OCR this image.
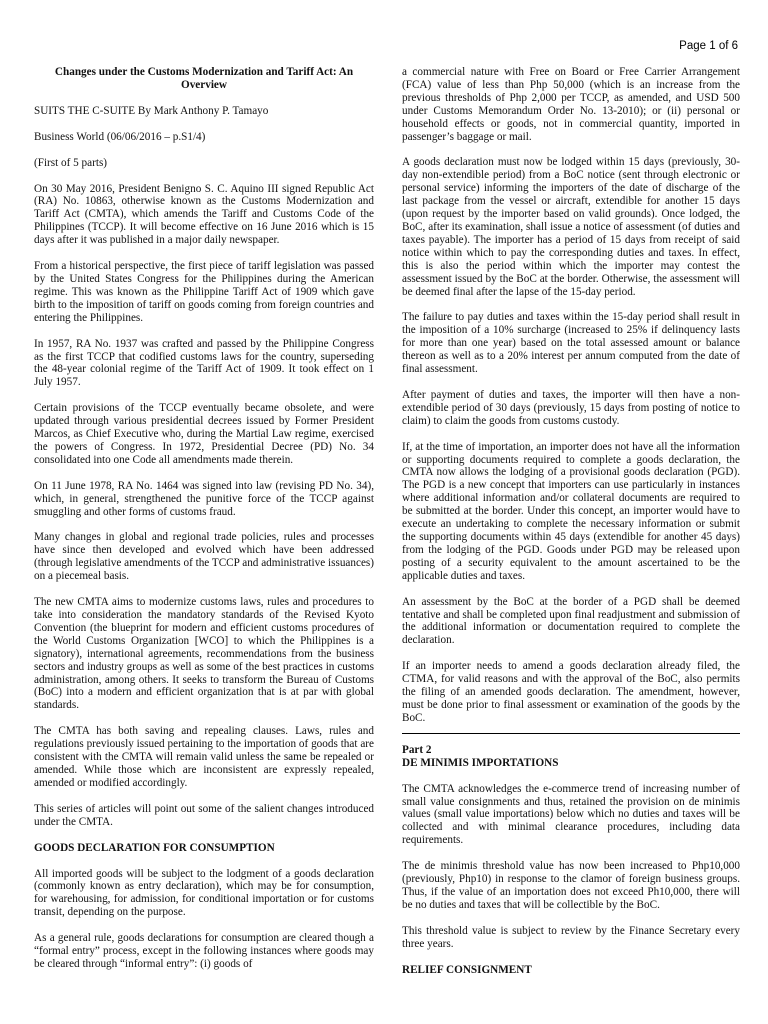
Page 1 of 6
Changes under the Customs Modernization and Tariff Act: An Overview

SUITS THE C-SUITE By Mark Anthony P. Tamayo

Business World (06/06/2016 – p.S1/4)

(First of 5 parts)

On 30 May 2016, President Benigno S. C. Aquino III signed Republic Act (RA) No. 10863, otherwise known as the Customs Modernization and Tariff Act (CMTA), which amends the Tariff and Customs Code of the Philippines (TCCP). It will become effective on 16 June 2016 which is 15 days after it was published in a major daily newspaper.

From a historical perspective, the first piece of tariff legislation was passed by the United States Congress for the Philippines during the American regime. This was known as the Philippine Tariff Act of 1909 which gave birth to the imposition of tariff on goods coming from foreign countries and entering the Philippines.

In 1957, RA No. 1937 was crafted and passed by the Philippine Congress as the first TCCP that codified customs laws for the country, superseding the 48-year colonial regime of the Tariff Act of 1909. It took effect on 1 July 1957.

Certain provisions of the TCCP eventually became obsolete, and were updated through various presidential decrees issued by Former President Marcos, as Chief Executive who, during the Martial Law regime, exercised the powers of Congress. In 1972, Presidential Decree (PD) No. 34 consolidated into one Code all amendments made therein.

On 11 June 1978, RA No. 1464 was signed into law (revising PD No. 34), which, in general, strengthened the punitive force of the TCCP against smuggling and other forms of customs fraud.

Many changes in global and regional trade policies, rules and processes have since then developed and evolved which have been addressed (through legislative amendments of the TCCP and administrative issuances) on a piecemeal basis.

The new CMTA aims to modernize customs laws, rules and procedures to take into consideration the mandatory standards of the Revised Kyoto Convention (the blueprint for modern and efficient customs procedures of the World Customs Organization [WCO] to which the Philippines is a signatory), international agreements, recommendations from the business sectors and industry groups as well as some of the best practices in customs administration, among others. It seeks to transform the Bureau of Customs (BoC) into a modern and efficient organization that is at par with global standards.

The CMTA has both saving and repealing clauses. Laws, rules and regulations previously issued pertaining to the importation of goods that are consistent with the CMTA will remain valid unless the same be repealed or amended. While those which are inconsistent are expressly repealed, amended or modified accordingly.

This series of articles will point out some of the salient changes introduced under the CMTA.

GOODS DECLARATION FOR CONSUMPTION

All imported goods will be subject to the lodgment of a goods declaration (commonly known as entry declaration), which may be for consumption, for warehousing, for admission, for conditional importation or for customs transit, depending on the purpose.

As a general rule, goods declarations for consumption are cleared though a “formal entry” process, except in the following instances where goods may be cleared through “informal entry”: (i) goods of

a commercial nature with Free on Board or Free Carrier Arrangement (FCA) value of less than Php 50,000 (which is an increase from the previous thresholds of Php 2,000 per TCCP, as amended, and USD 500 under Customs Memorandum Order No. 13-2010); or (ii) personal or household effects or goods, not in commercial quantity, imported in passenger’s baggage or mail.

A goods declaration must now be lodged within 15 days (previously, 30-day non-extendible period) from a BoC notice (sent through electronic or personal service) informing the importers of the date of discharge of the last package from the vessel or aircraft, extendible for another 15 days (upon request by the importer based on valid grounds). Once lodged, the BoC, after its examination, shall issue a notice of assessment (of duties and taxes payable). The importer has a period of 15 days from receipt of said notice within which to pay the corresponding duties and taxes. In effect, this is also the period within which the importer may contest the assessment issued by the BoC at the border. Otherwise, the assessment will be deemed final after the lapse of the 15-day period.

The failure to pay duties and taxes within the 15-day period shall result in the imposition of a 10% surcharge (increased to 25% if delinquency lasts for more than one year) based on the total assessed amount or balance thereon as well as to a 20% interest per annum computed from the date of final assessment.

After payment of duties and taxes, the importer will then have a non-extendible period of 30 days (previously, 15 days from posting of notice to claim) to claim the goods from customs custody.

If, at the time of importation, an importer does not have all the information or supporting documents required to complete a goods declaration, the CMTA now allows the lodging of a provisional goods declaration (PGD). The PGD is a new concept that importers can use particularly in instances where additional information and/or collateral documents are required to be submitted at the border. Under this concept, an importer would have to execute an undertaking to complete the necessary information or submit the supporting documents within 45 days (extendible for another 45 days) from the lodging of the PGD. Goods under PGD may be released upon posting of a security equivalent to the amount ascertained to be the applicable duties and taxes.

An assessment by the BoC at the border of a PGD shall be deemed tentative and shall be completed upon final readjustment and submission of the additional information or documentation required to complete the declaration.

If an importer needs to amend a goods declaration already filed, the CTMA, for valid reasons and with the approval of the BoC, also permits the filing of an amended goods declaration. The amendment, however, must be done prior to final assessment or examination of the goods by the BoC.

Part 2
DE MINIMIS IMPORTATIONS

The CMTA acknowledges the e-commerce trend of increasing number of small value consignments and thus, retained the provision on de minimis values (small value importations) below which no duties and taxes will be collected and with minimal clearance procedures, including data requirements.

The de minimis threshold value has now been increased to Php10,000 (previously, Php10) in response to the clamor of foreign business groups. Thus, if the value of an importation does not exceed Ph10,000, there will be no duties and taxes that will be collectible by the BoC.

This threshold value is subject to review by the Finance Secretary every three years.

RELIEF CONSIGNMENT
